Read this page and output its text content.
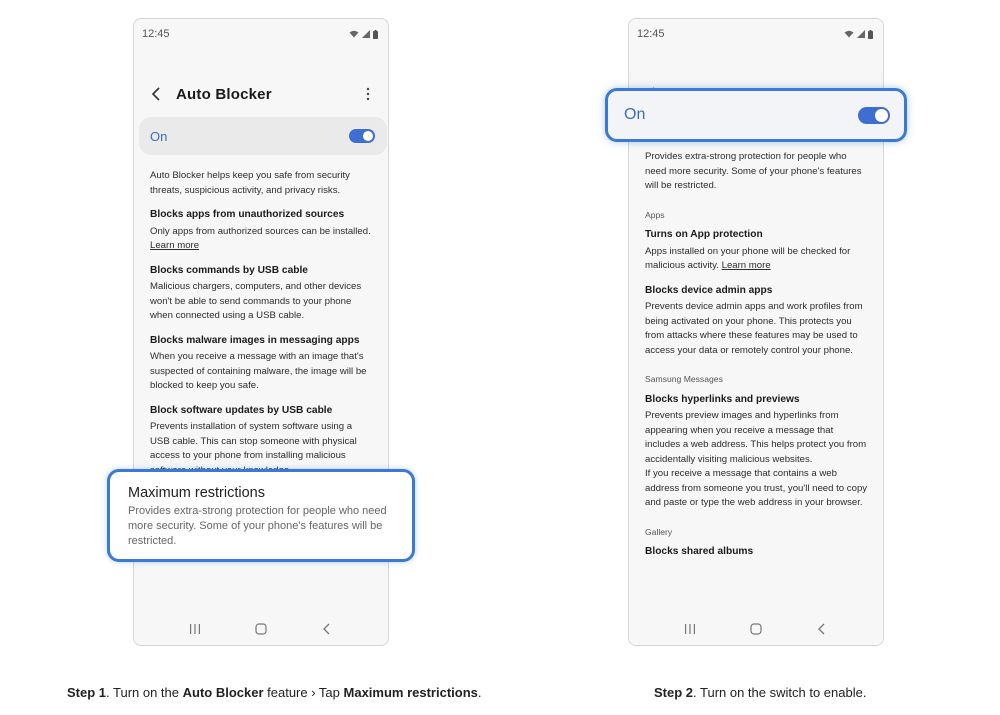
12:45
Auto Blocker
On
Auto Blocker helps keep you safe from security threats, suspicious activity, and privacy risks.
Blocks apps from unauthorized sources
Only apps from authorized sources can be installed. Learn more
Blocks commands by USB cable
Malicious chargers, computers, and other devices won't be able to send commands to your phone when connected using a USB cable.
Blocks malware images in messaging apps
When you receive a message with an image that's suspected of containing malware, the image will be blocked to keep you safe.
Block software updates by USB cable
Prevents installation of system software using a USB cable. This can stop someone with physical access to your phone from installing malicious
Maximum restrictions
Provides extra-strong protection for people who need more security. Some of your phone's features will be restricted.
12:45
Provides extra-strong protection for people who need more security. Some of your phone's features will be restricted.
Apps
Turns on App protection
Apps installed on your phone will be checked for malicious activity. Learn more
Blocks device admin apps
Prevents device admin apps and work profiles from being activated on your phone. This protects you from attacks where these features may be used to access your data or remotely control your phone.
Samsung Messages
Blocks hyperlinks and previews
Prevents preview images and hyperlinks from appearing when you receive a message that includes a web address. This helps protect you from accidentally visiting malicious websites.
If you receive a message that contains a web address from someone you trust, you'll need to copy and paste or type the web address in your browser.
Gallery
Blocks shared albums
On
Step 1. Turn on the Auto Blocker feature › Tap Maximum restrictions.	Step 2. Turn on the switch to enable.
